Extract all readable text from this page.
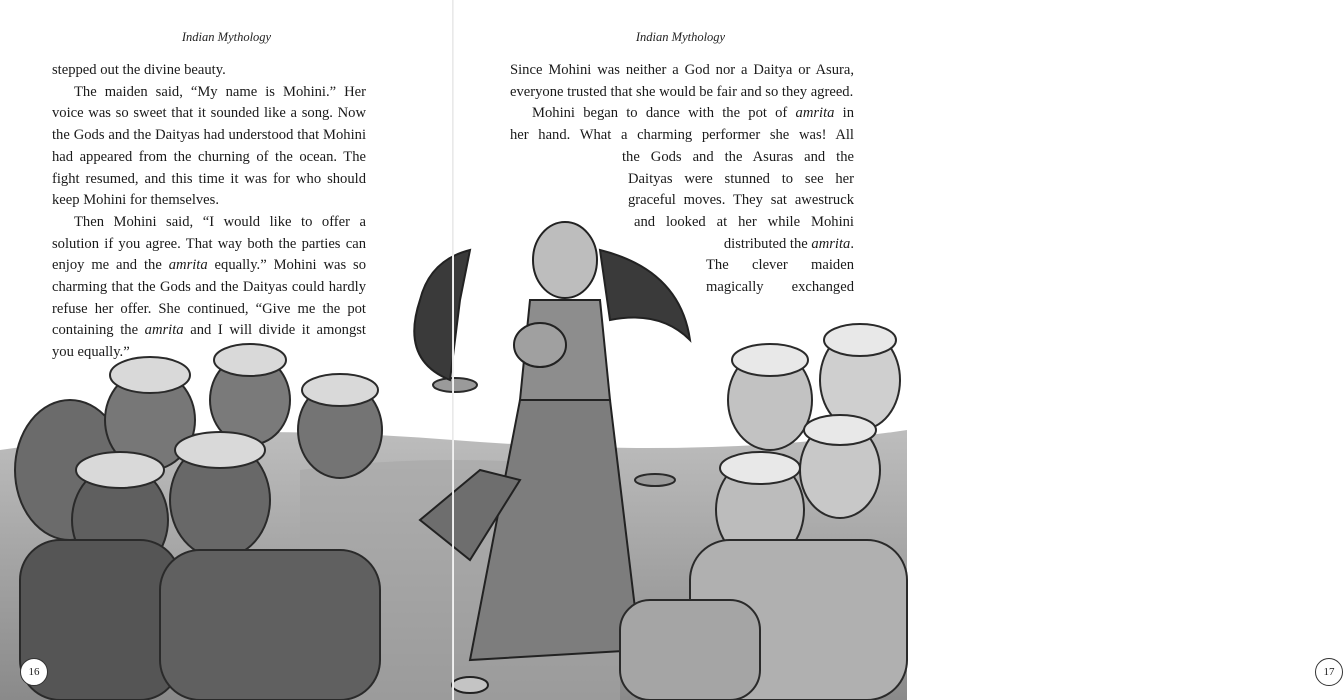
Indian Mythology

stepped out the divine beauty.

The maiden said, “My name is Mohini.” Her voice was so sweet that it sounded like a song. Now the Gods and the Daityas had understood that Mohini had appeared from the churning of the ocean. The fight resumed, and this time it was for who should keep Mohini for themselves.

Then Mohini said, “I would like to offer a solution if you agree. That way both the parties can enjoy me and the amrita equally.” Mohini was so charming that the Gods and the Daityas could hardly refuse her offer. She continued, “Give me the pot containing the amrita and I will divide it amongst you equally.”

16
Indian Mythology

Since Mohini was neither a God nor a Daitya or Asura, everyone trusted that she would be fair and so they agreed.

Mohini began to dance with the pot of amrita in
her hand. What a charming performer she was! All
the Gods and the Asuras and the
Daityas were stunned to see her
graceful moves. They sat awestruck
and looked at her while Mohini
distributed the amrita.
The clever maiden
magically exchanged
17
